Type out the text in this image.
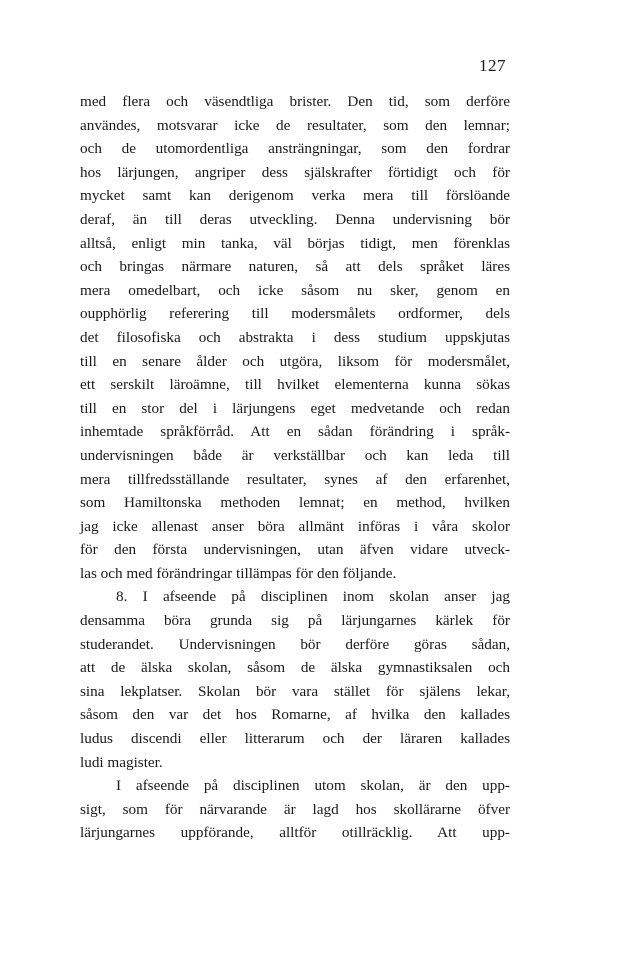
127
med flera och väsendtliga brister. Den tid, som derföre
användes, motsvarar icke de resultater, som den lemnar;
och de utomordentliga ansträngningar, som den fordrar
hos lärjungen, angriper dess själskrafter förtidigt och för
mycket samt kan derigenom verka mera till förslöande
deraf, än till deras utveckling. Denna undervisning bör
alltså, enligt min tanka, väl börjas tidigt, men förenklas
och bringas närmare naturen, så att dels språket läres
mera omedelbart, och icke såsom nu sker, genom en
oupphörlig referering till modersmålets ordformer, dels
det filosofiska och abstrakta i dess studium uppskjutas
till en senare ålder och utgöra, liksom för modersmålet,
ett serskilt läroämne, till hvilket elementerna kunna sökas
till en stor del i lärjungens eget medvetande och redan
inhemtade språkförråd. Att en sådan förändring i språk-
undervisningen både är verkställbar och kan leda till
mera tillfredsställande resultater, synes af den erfarenhet,
som Hamiltonska methoden lemnat; en method, hvilken
jag icke allenast anser böra allmänt införas i våra skolor
för den första undervisningen, utan äfven vidare utveck-
las och med förändringar tillämpas för den följande.
8. I afseende på disciplinen inom skolan anser jag
densamma böra grunda sig på lärjungarnes kärlek för
studerandet. Undervisningen bör derföre göras sådan,
att de älska skolan, såsom de älska gymnastiksalen och
sina lekplatser. Skolan bör vara stället för själens lekar,
såsom den var det hos Romarne, af hvilka den kallades
ludus discendi eller litterarum och der läraren kallades
ludi magister.
I afseende på disciplinen utom skolan, är den upp-
sigt, som för närvarande är lagd hos skollärarne öfver
lärjungarnes uppförande, alltför otillräcklig. Att upp-
